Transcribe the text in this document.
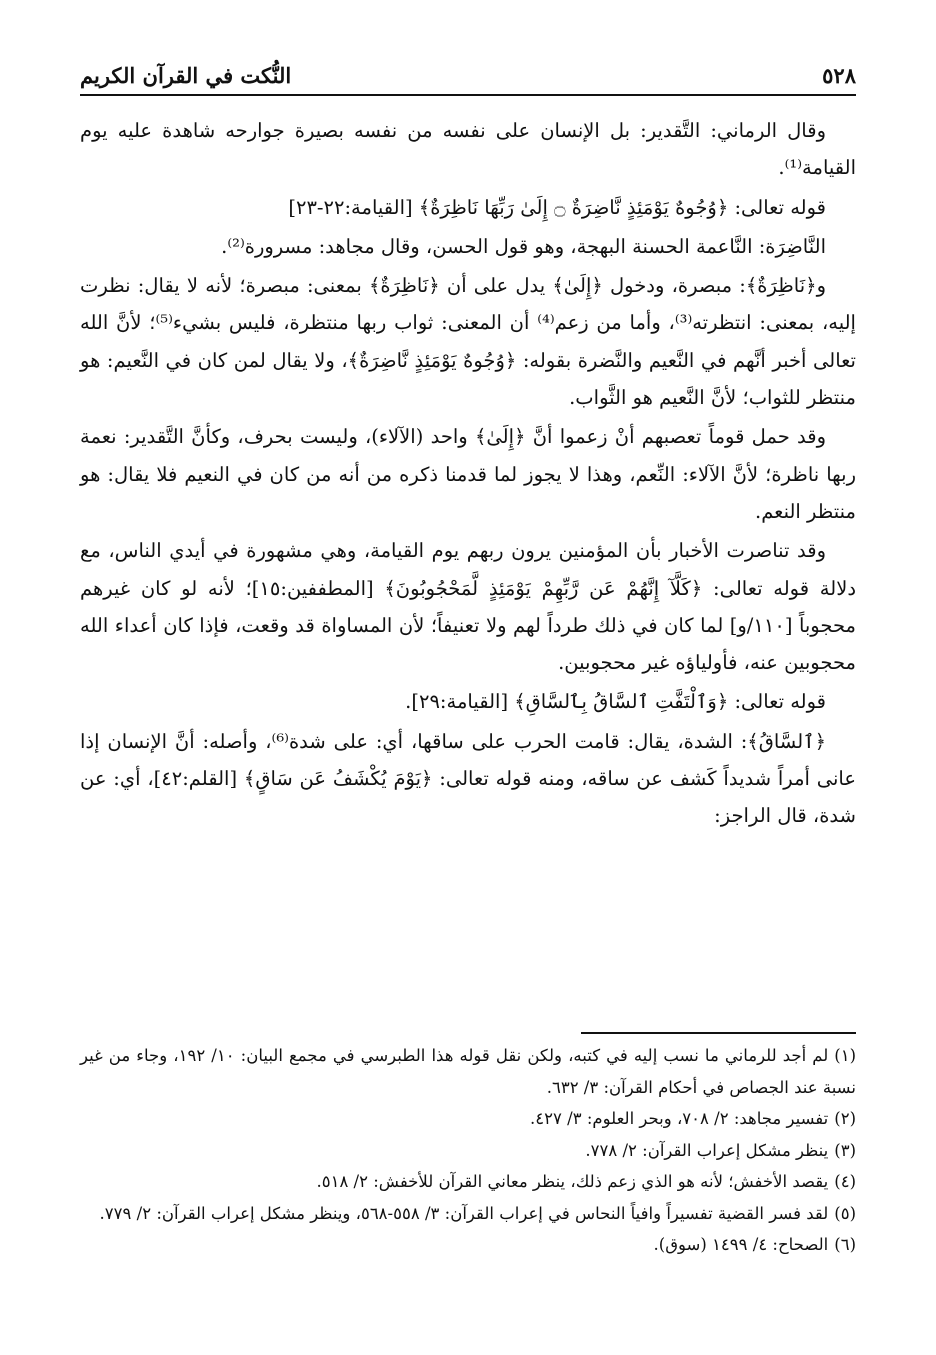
النُّكت في القرآن الكريم	٥٢٨

وقال الرماني: التَّقدير: بل الإنسان على نفسه من نفسه بصيرة جوارحه شاهدة عليه يوم القيامة⁽¹⁾.

قوله تعالى: ﴿وُجُوهٌ يَوْمَئِذٍ نَّاضِرَةٌ ۝ إِلَىٰ رَبِّهَا نَاظِرَةٌ﴾ [القيامة:٢٢-٢٣]

النَّاضِرَة: النَّاعمة الحسنة البهجة، وهو قول الحسن، وقال مجاهد: مسرورة⁽²⁾.

و﴿نَاظِرَةٌ﴾: مبصرة، ودخول ﴿إِلَىٰ﴾ يدل على أن ﴿نَاظِرَةٌ﴾ بمعنى: مبصرة؛ لأنه لا يقال: نظرت إليه، بمعنى: انتظرته⁽³⁾، وأما من زعم⁽⁴⁾ أن المعنى: ثواب ربها منتظرة، فليس بشيء⁽⁵⁾؛ لأنَّ الله تعالى أخبر أنَّهم في النَّعيم والنَّضرة بقوله: ﴿وُجُوهٌ يَوْمَئِذٍ نَّاضِرَةٌ﴾، ولا يقال لمن كان في النَّعيم: هو منتظر للثواب؛ لأنَّ النَّعيم هو الثَّواب.

وقد حمل قوماً تعصبهم أنْ زعموا أنَّ ﴿إِلَىٰ﴾ واحد (الآلاء)، وليست بحرف، وكأنَّ التَّقدير: نعمة ربها ناظرة؛ لأنَّ الآلاء: النِّعم، وهذا لا يجوز لما قدمنا ذكره من أنه من كان في النعيم فلا يقال: هو منتظر النعم.

وقد تناصرت الأخبار بأن المؤمنين يرون ربهم يوم القيامة، وهي مشهورة في أيدي الناس، مع دلالة قوله تعالى: ﴿كَلَّآ إِنَّهُمْ عَن رَّبِّهِمْ يَوْمَئِذٍ لَّمَحْجُوبُونَ﴾ [المطففين:١٥]؛ لأنه لو كان غيرهم محجوباً [١١٠/و] لما كان في ذلك طرداً لهم ولا تعنيفاً؛ لأن المساواة قد وقعت، فإذا كان أعداء الله محجوبين عنه، فأولياؤه غير محجوبين.

قوله تعالى: ﴿وَٱلْتَفَّتِ ٱلسَّاقُ بِٱلسَّاقِ﴾ [القيامة:٢٩].

﴿ٱلسَّاقُ﴾: الشدة، يقال: قامت الحرب على ساقها، أي: على شدة⁽⁶⁾، وأصله: أنَّ الإنسان إذا عانى أمراً شديداً كَشف عن ساقه، ومنه قوله تعالى: ﴿يَوْمَ يُكْشَفُ عَن سَاقٍ﴾ [القلم:٤٢]، أي: عن شدة، قال الراجز:

(١)لم أجد للرماني ما نسب إليه في كتبه، ولكن نقل قوله هذا الطبرسي في مجمع البيان: ١٠/ ١٩٢، وجاء من غير نسبة عند الجصاص في أحكام القرآن: ٣/ ٦٣٢.

(٢)تفسير مجاهد: ٢/ ٧٠٨، وبحر العلوم: ٣/ ٤٢٧.

(٣)ينظر مشكل إعراب القرآن: ٢/ ٧٧٨.

(٤)يقصد الأخفش؛ لأنه هو الذي زعم ذلك، ينظر معاني القرآن للأخفش: ٢/ ٥١٨.

(٥)لقد فسر القضية تفسيراً وافياً النحاس في إعراب القرآن: ٣/ ٥٥٨-٥٦٨، وينظر مشكل إعراب القرآن: ٢/ ٧٧٩.

(٦)الصحاح: ٤/ ١٤٩٩ (سوق).
